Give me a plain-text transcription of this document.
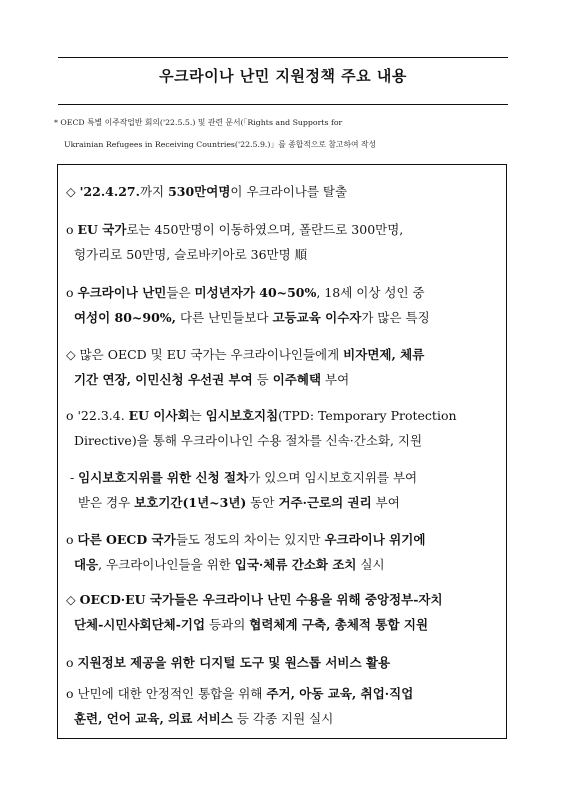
우크라이나 난민 지원정책 주요 내용
* OECD 특별 이주작업반 회의('22.5.5.) 및 관련 문서(「Rights and Supports for
Ukrainian Refugees in Receiving Countries('22.5.9.)」를 종합적으로 참고하여 작성
◇ '22.4.27.까지 530만여명이 우크라이나를 탈출
o EU 국가로는 450만명이 이동하였으며, 폴란드로 300만명,
헝가리로 50만명, 슬로바키아로 36만명 順
o 우크라이나 난민들은 미성년자가 40~50%, 18세 이상 성인 중
여성이 80~90%, 다른 난민들보다 고등교육 이수자가 많은 특징
◇ 많은 OECD 및 EU 국가는 우크라이나인들에게 비자면제, 체류
기간 연장, 이민신청 우선권 부여 등 이주혜택 부여
o '22.3.4. EU 이사회는 임시보호지침(TPD: Temporary Protection
Directive)을 통해 우크라이나인 수용 절차를 신속·간소화, 지원
- 임시보호지위를 위한 신청 절차가 있으며 임시보호지위를 부여
받은 경우 보호기간(1년~3년) 동안 거주·근로의 권리 부여
o 다른 OECD 국가들도 정도의 차이는 있지만 우크라이나 위기에
대응, 우크라이나인들을 위한 입국·체류 간소화 조치 실시
◇ OECD·EU 국가들은 우크라이나 난민 수용을 위해 중앙정부-자치
단체-시민사회단체-기업 등과의 협력체계 구축, 총체적 통합 지원
o 지원정보 제공을 위한 디지털 도구 및 원스톱 서비스 활용
o 난민에 대한 안정적인 통합을 위해 주거, 아동 교육, 취업·직업
훈련, 언어 교육, 의료 서비스 등 각종 지원 실시
